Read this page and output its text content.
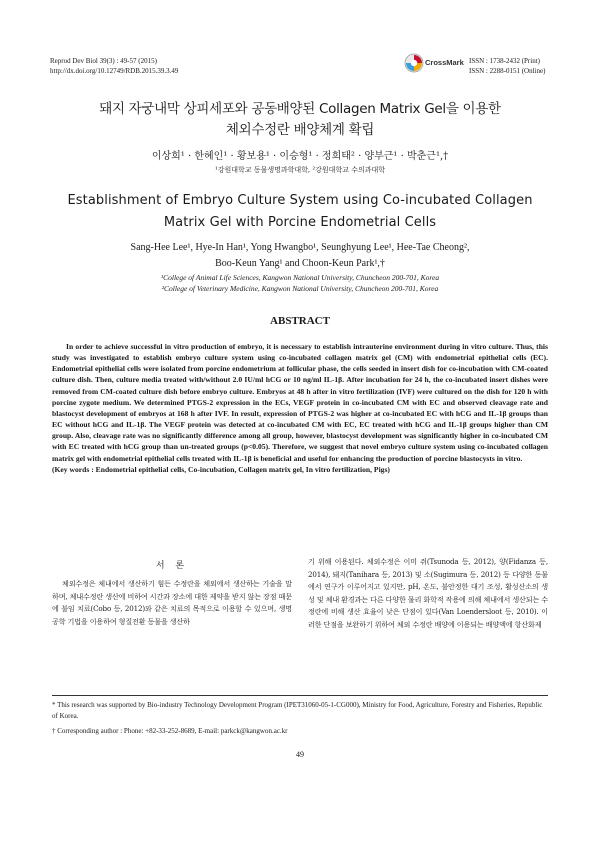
Reprod Dev Biol 39(3) : 49-57 (2015)
http://dx.doi.org/10.12749/RDB.2015.39.3.49
CrossMark ISSN : 1738-2432 (Print)
ISSN : 2288-0151 (Online)
돼지 자궁내막 상피세포와 공동배양된 Collagen Matrix Gel을 이용한
체외수정란 배양체계 확립
이상희¹ · 한혜인¹ · 황보용¹ · 이승형¹ · 정희태² · 양부근¹ · 박춘근¹,†
¹강원대학교 동물생명과학대학, ²강원대학교 수의과대학
Establishment of Embryo Culture System using Co-incubated Collagen
Matrix Gel with Porcine Endometrial Cells
Sang-Hee Lee¹, Hye-In Han¹, Yong Hwangbo¹, Seunghyung Lee¹, Hee-Tae Cheong²,
Boo-Keun Yang¹ and Choon-Keun Park¹,†
¹College of Animal Life Sciences, Kangwon National University, Chuncheon 200-701, Korea
²College of Veterinary Medicine, Kangwon National University, Chuncheon 200-701, Korea
ABSTRACT

In order to achieve successful in vitro production of embryo, it is necessary to establish intrauterine environment during in vitro culture. Thus, this study was investigated to establish embryo culture system using co-incubated collagen matrix gel (CM) with endometrial epithelial cells (EC). Endometrial epithelial cells were isolated from porcine endometrium at follicular phase, the cells seeded in insert dish for co-incubation with CM-coated culture dish. Then, culture media treated with/without 2.0 IU/ml hCG or 10 ng/ml IL-1β. After incubation for 24 h, the co-incubated insert dishes were removed from CM-coated culture dish before embryo culture. Embryos at 48 h after in vitro fertilization (IVF) were cultured on the dish for 120 h with porcine zygote medium. We determined PTGS-2 expression in the ECs, VEGF protein in co-incubated CM with EC and observed cleavage rate and blastocyst development of embryos at 168 h after IVF. In result, expression of PTGS-2 was higher at co-incubated EC with hCG and IL-1β groups than EC without hCG and IL-1β. The VEGF protein was detected at co-incubated CM with EC, EC treated with hCG and IL-1β groups higher than CM group. Also, cleavage rate was no significantly difference among all group, however, blastocyst development was significantly higher in co-incubated CM with EC treated with hCG group than un-treated groups (p<0.05). Therefore, we suggest that novel embryo culture system using co-incubated collagen matrix gel with endometrial epithelial cells treated with IL-1β is beneficial and useful for enhancing the production of porcine blastocysts in vitro.

(Key words : Endometrial epithelial cells, Co-incubation, Collagen matrix gel, In vitro fertilization, Pigs)

서 론

체외수정은 체내에서 생산하기 힘든 수정란을 체외에서 생산하는 기술을 말하며, 체내수정란 생산에 비하여 시간과 장소에 대한 제약을 받지 않는 장점 때문에 불임 치료(Cobo 등, 2012)와 같은 치료의 목적으로 이용할 수 있으며, 생명공학 기법을 이용하여 형질전환 동물을 생산하

기 위해 이용된다. 체외수정은 이미 쥐(Tsunoda 등, 2012), 양(Fidanza 등, 2014), 돼지(Tanihara 등, 2013) 및 소(Sugimura 등, 2012) 등 다양한 동물에서 연구가 이루어지고 있지만, pH, 온도, 불안정한 대기 조성, 활성산소의 생성 및 체내 환경과는 다른 다양한 물리 화학적 작용에 의해 체내에서 생산되는 수정란에 비해 생산 효율이 낮은 단점이 있다(Van Loendersloot 등, 2010). 이러한 단점을 보완하기 위하여 체외 수정란 배양에 이용되는 배양액에 항산화제

* This research was supported by Bio-industry Technology Development Program (IPET31060-05-1-CG000), Ministry for Food, Agriculture, Forestry and Fisheries, Republic of Korea.

† Corresponding author : Phone: +82-33-252-8689, E-mail: parkck@kangwon.ac.kr

49
